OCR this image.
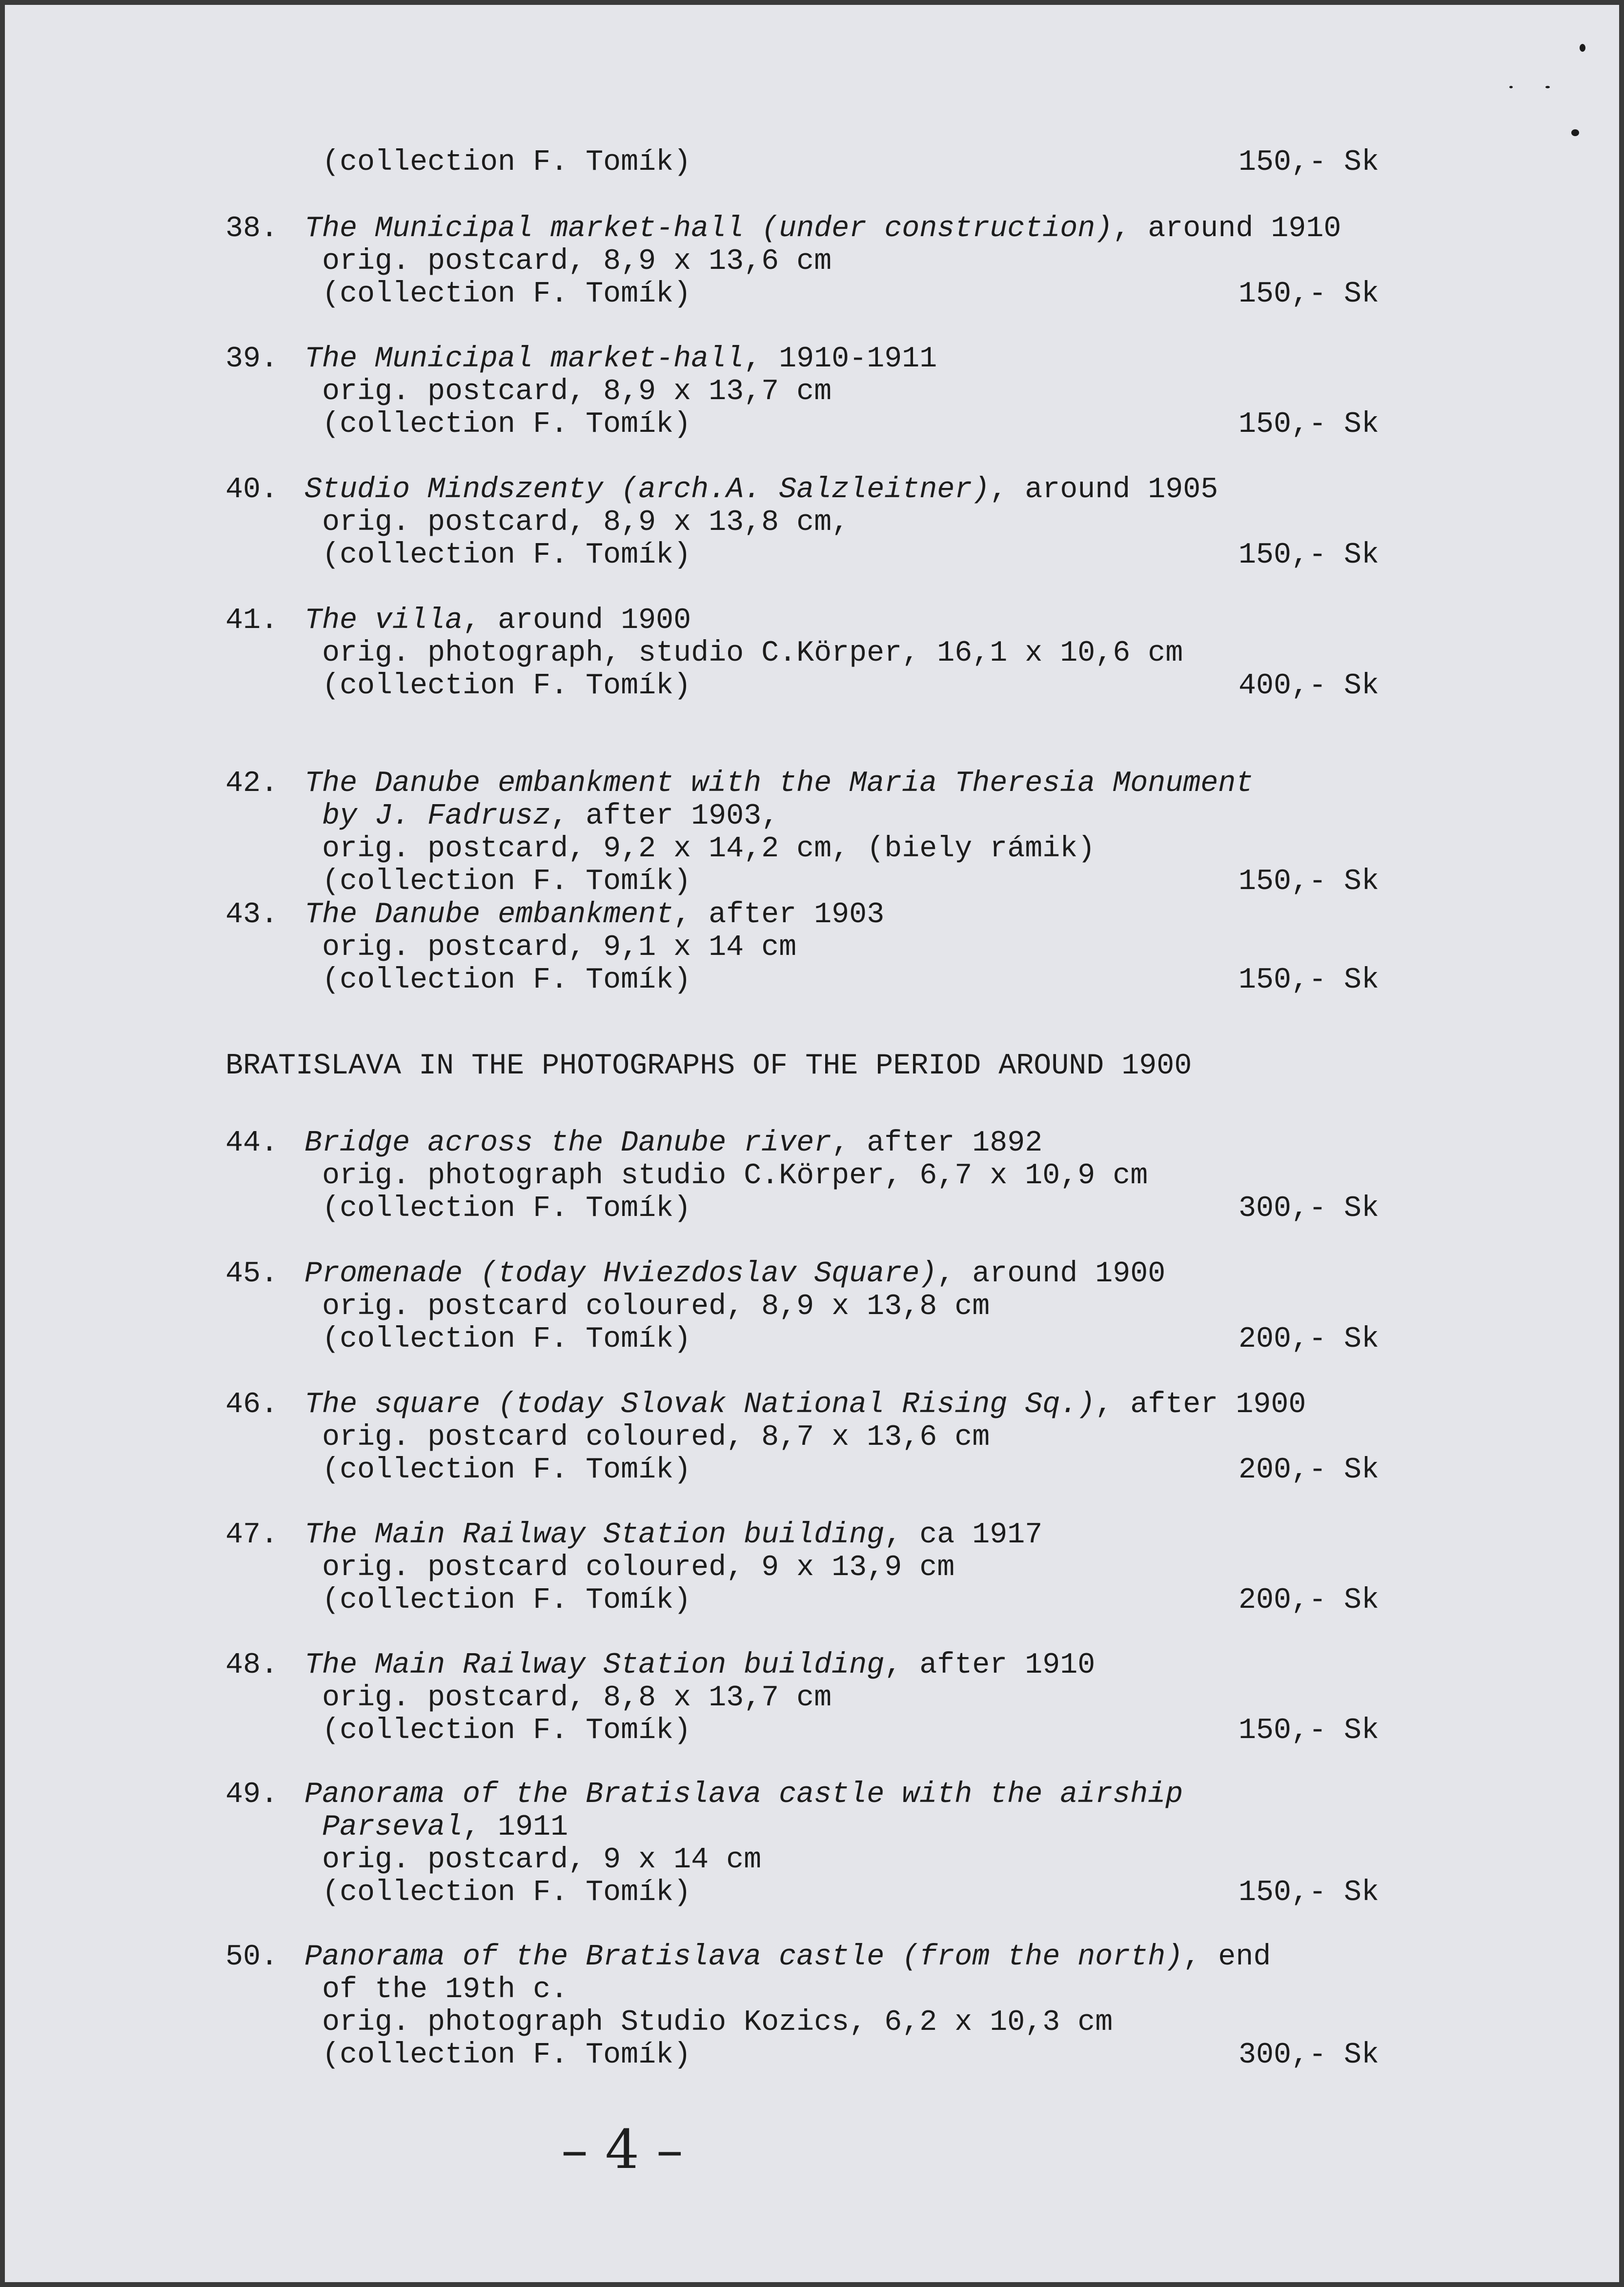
(collection F. Tomík)	150,- Sk
BRATISLAVA IN THE PHOTOGRAPHS OF THE PERIOD AROUND 1900
– 4 –
38. The Municipal market-hall (under construction), around 1910
orig. postcard, 8,9 x 13,6 cm
(collection F. Tomík)	150,- Sk
39. The Municipal market-hall, 1910-1911
orig. postcard, 8,9 x 13,7 cm
(collection F. Tomík)	150,- Sk
40. Studio Mindszenty (arch.A. Salzleitner), around 1905
orig. postcard, 8,9 x 13,8 cm,
(collection F. Tomík)	150,- Sk
41. The villa, around 1900
orig. photograph, studio C.Körper, 16,1 x 10,6 cm
(collection F. Tomík)	400,- Sk
42. The Danube embankment with the Maria Theresia Monument
by J. Fadrusz, after 1903,
orig. postcard, 9,2 x 14,2 cm, (biely rámik)
(collection F. Tomík)	150,- Sk
43. The Danube embankment, after 1903
orig. postcard, 9,1 x 14 cm
(collection F. Tomík)	150,- Sk
44. Bridge across the Danube river, after 1892
orig. photograph studio C.Körper, 6,7 x 10,9 cm
(collection F. Tomík)	300,- Sk
45. Promenade (today Hviezdoslav Square), around 1900
orig. postcard coloured, 8,9 x 13,8 cm
(collection F. Tomík)	200,- Sk
46. The square (today Slovak National Rising Sq.), after 1900
orig. postcard coloured, 8,7 x 13,6 cm
(collection F. Tomík)	200,- Sk
47. The Main Railway Station building, ca 1917
orig. postcard coloured, 9 x 13,9 cm
(collection F. Tomík)	200,- Sk
48. The Main Railway Station building, after 1910
orig. postcard, 8,8 x 13,7 cm
(collection F. Tomík)	150,- Sk
49. Panorama of the Bratislava castle with the airship
Parseval, 1911
orig. postcard, 9 x 14 cm
(collection F. Tomík)	150,- Sk
50. Panorama of the Bratislava castle (from the north), end
of the 19th c.
orig. photograph Studio Kozics, 6,2 x 10,3 cm
(collection F. Tomík)	300,- Sk
